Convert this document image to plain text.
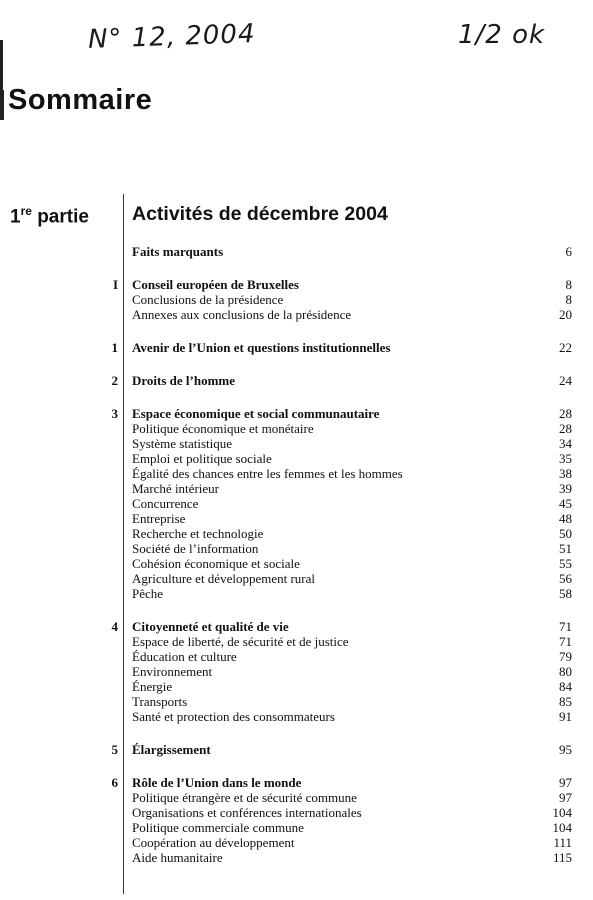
N° 12, 2004	1/2 ok
Sommaire
1re partie Activités de décembre 2004
Faits marquants	6
I Conseil européen de Bruxelles	8
Conclusions de la présidence	8
Annexes aux conclusions de la présidence	20
1 Avenir de l’Union et questions institutionnelles	22
2 Droits de l’homme	24
3 Espace économique et social communautaire	28
Politique économique et monétaire	28
Système statistique	34
Emploi et politique sociale	35
Égalité des chances entre les femmes et les hommes	38
Marché intérieur	39
Concurrence	45
Entreprise	48
Recherche et technologie	50
Société de l’information	51
Cohésion économique et sociale	55
Agriculture et développement rural	56
Pêche	58
4 Citoyenneté et qualité de vie	71
Espace de liberté, de sécurité et de justice	71
Éducation et culture	79
Environnement	80
Énergie	84
Transports	85
Santé et protection des consommateurs	91
5 Élargissement	95
6 Rôle de l’Union dans le monde	97
Politique étrangère et de sécurité commune	97
Organisations et conférences internationales	104
Politique commerciale commune	104
Coopération au développement	111
Aide humanitaire	115
